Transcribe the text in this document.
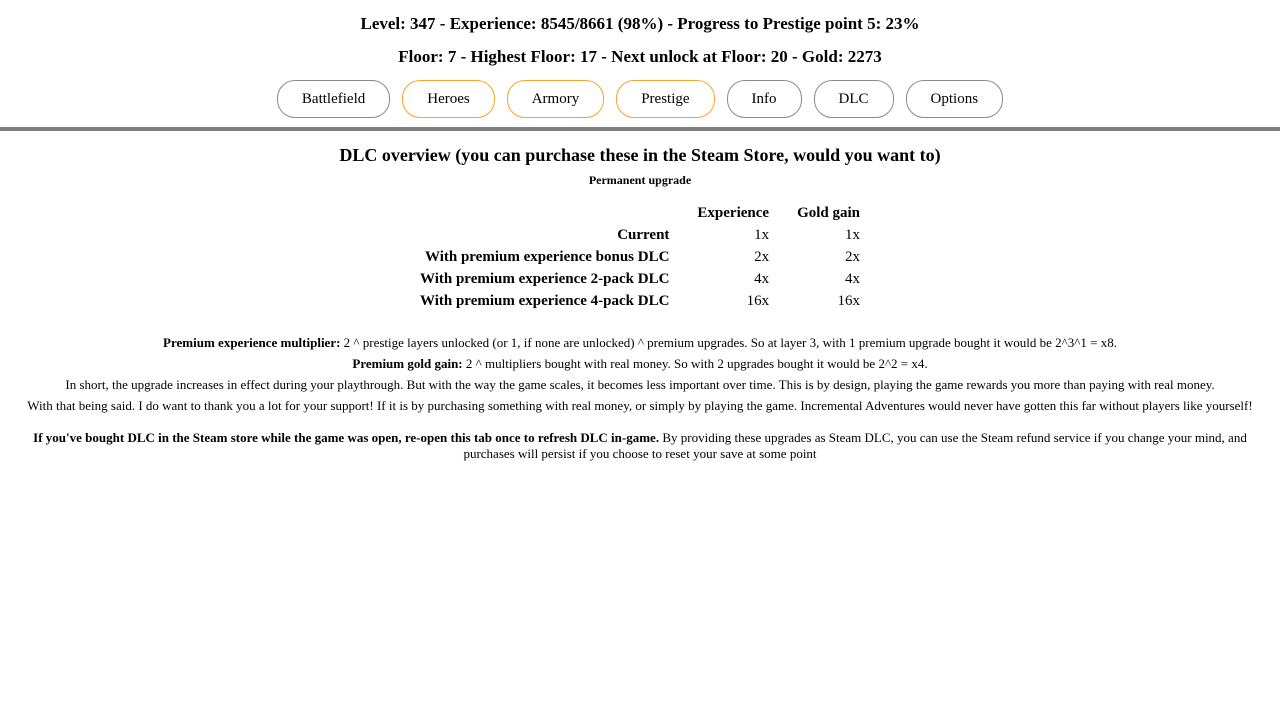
Level: 347 - Experience: 8545/8661 (98%) - Progress to Prestige point 5: 23%
Floor: 7 - Highest Floor: 17 - Next unlock at Floor: 20 - Gold: 2273
Battlefield	Heroes	Armory	Prestige	Info	DLC	Options
DLC overview (you can purchase these in the Steam Store, would you want to)
Permanent upgrade
	Experience	Gold gain
Current	1x	1x
With premium experience bonus DLC	2x	2x
With premium experience 2-pack DLC	4x	4x
With premium experience 4-pack DLC	16x	16x

Premium experience multiplier: 2 ^ prestige layers unlocked (or 1, if none are unlocked) ^ premium upgrades. So at layer 3, with 1 premium upgrade bought it would be 2^3^1 = x8.

Premium gold gain: 2 ^ multipliers bought with real money. So with 2 upgrades bought it would be 2^2 = x4.

In short, the upgrade increases in effect during your playthrough. But with the way the game scales, it becomes less important over time. This is by design, playing the game rewards you more than paying with real money.

With that being said. I do want to thank you a lot for your support! If it is by purchasing something with real money, or simply by playing the game. Incremental Adventures would never have gotten this far without players like yourself!

If you've bought DLC in the Steam store while the game was open, re-open this tab once to refresh DLC in-game. By providing these upgrades as Steam DLC, you can use the Steam refund service if you change your mind, and purchases will persist if you choose to reset your save at some point
